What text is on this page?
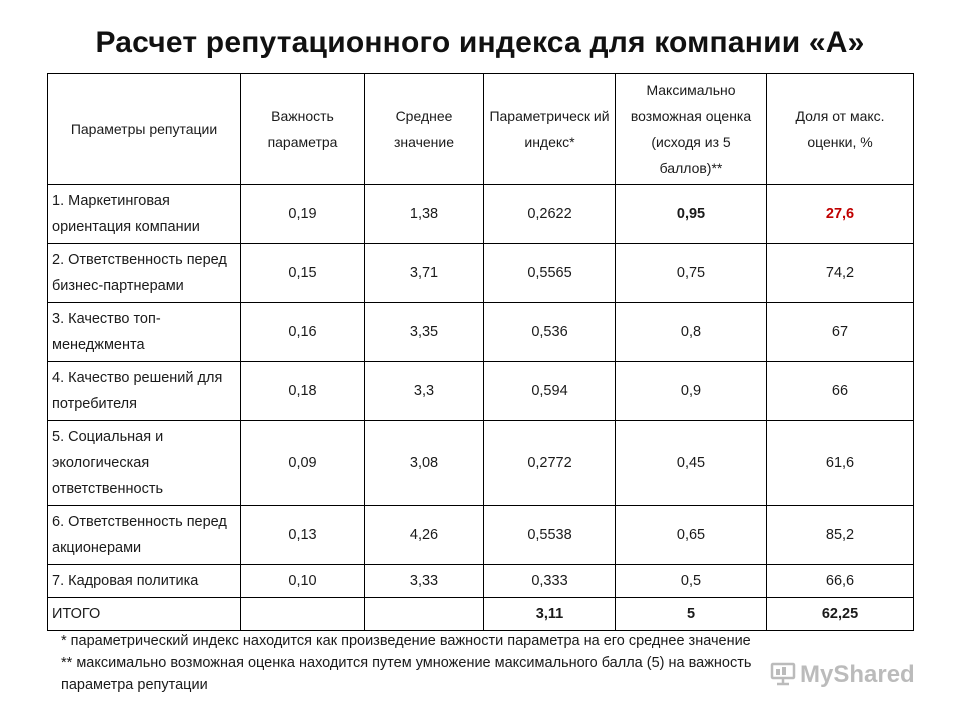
Расчет репутационного индекса для компании «А»
Параметры репутации	Важность параметра	Среднее значение	Параметрическ ий индекс*	Максимально возможная оценка (исходя из 5 баллов)**	Доля от макс. оценки, %
1. Маркетинговая ориентация компании	0,19	1,38	0,2622	0,95	27,6
2. Ответственность перед бизнес-партнерами	0,15	3,71	0,5565	0,75	74,2
3. Качество топ-менеджмента	0,16	3,35	0,536	0,8	67
4. Качество решений для потребителя	0,18	3,3	0,594	0,9	66
5. Социальная и экологическая ответственность	0,09	3,08	0,2772	0,45	61,6
6. Ответственность перед акционерами	0,13	4,26	0,5538	0,65	85,2
7. Кадровая политика	0,10	3,33	0,333	0,5	66,6
ИТОГО			3,11	5	62,25
* параметрический индекс находится как произведение важности параметра на его среднее значение
** максимально возможная оценка находится путем умножение максимального балла (5) на важность
параметра репутации	MyShared
